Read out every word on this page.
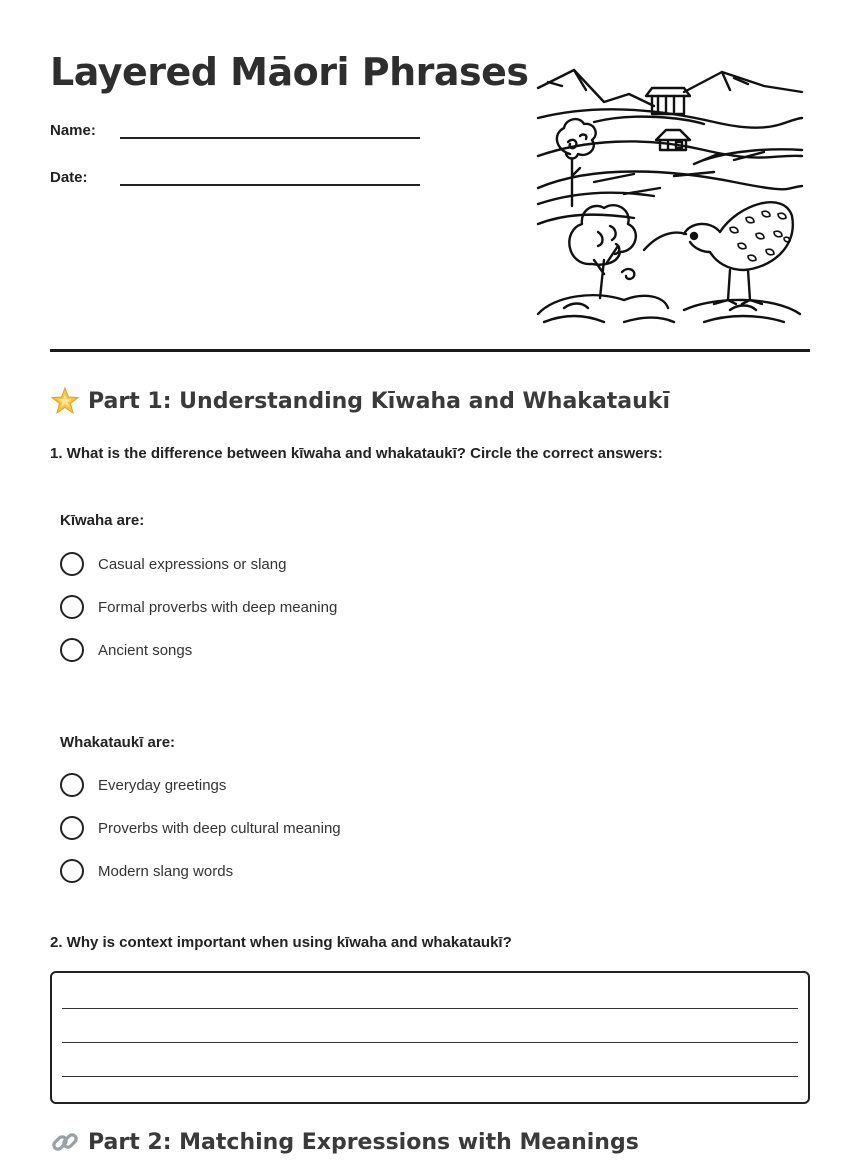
Layered Māori Phrases
Name:
Date:
Part 1: Understanding Kīwaha and Whakataukī

1. What is the difference between kīwaha and whakataukī? Circle the correct answers:

Kīwaha are:
Casual expressions or slang
Formal proverbs with deep meaning
Ancient songs
Whakataukī are:
Everyday greetings
Proverbs with deep cultural meaning
Modern slang words

2. Why is context important when using kīwaha and whakataukī?

Part 2: Matching Expressions with Meanings
